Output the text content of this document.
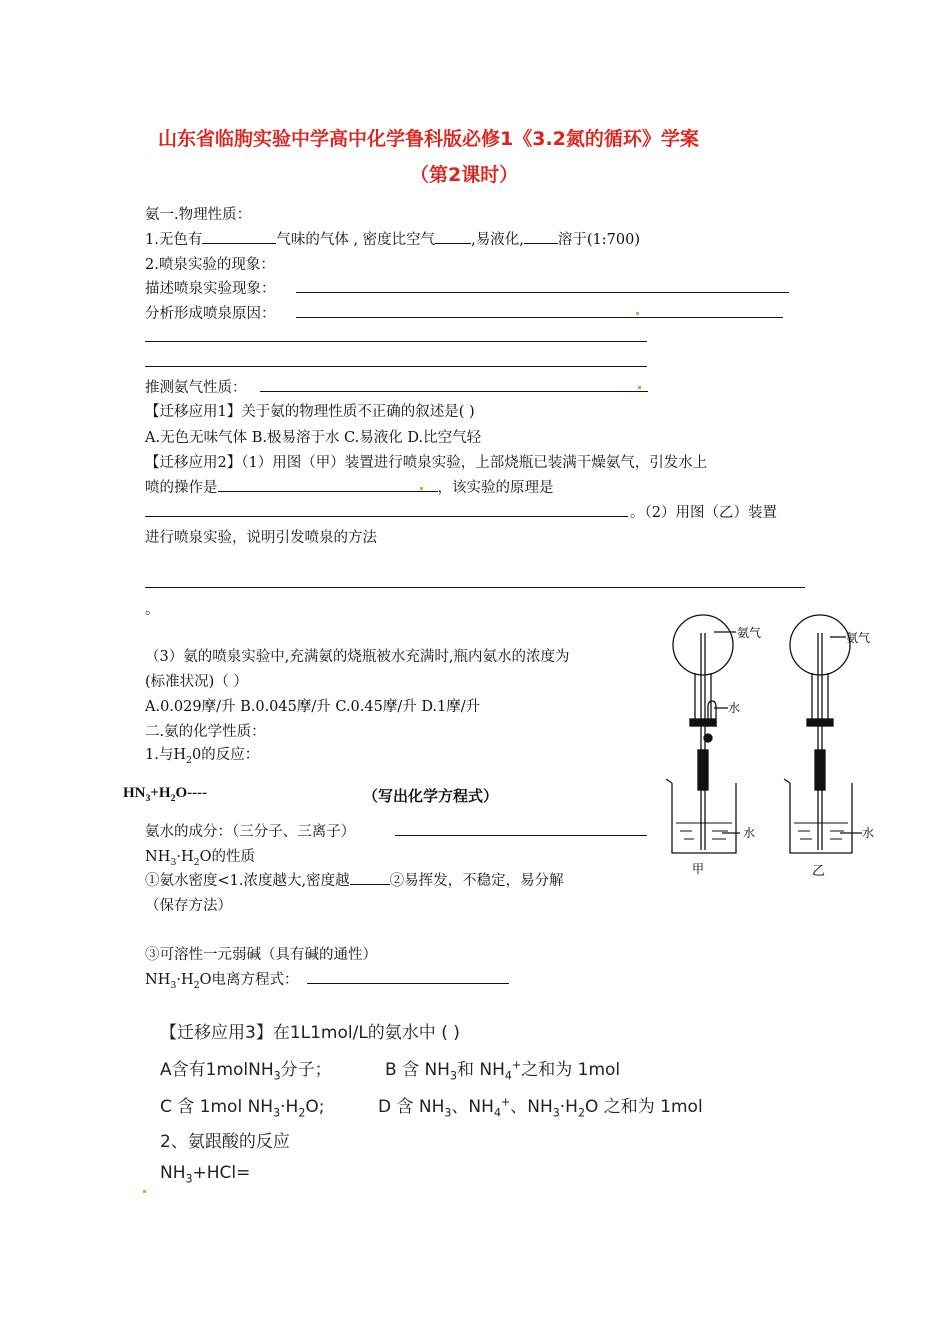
山东省临朐实验中学高中化学鲁科版必修1《3.2氮的循环》学案
（第2课时）
氨一.物理性质：
1.无色有	气味的气体 , 密度比空气 ,易液化, 溶于(1:700)
2.喷泉实验的现象：
描述喷泉实验现象：
分析形成喷泉原因：
推测氨气性质：
【迁移应用1】关于氨的物理性质不正确的叙述是( )
A.无色无味气体 B.极易溶于水 C.易液化 D.比空气轻
【迁移应用2】（1）用图（甲）装置进行喷泉实验，上部烧瓶已装满干燥氨气，引发水上
喷的操作是	，该实验的原理是
。（2）用图（乙）装置
进行喷泉实验，说明引发喷泉的方法
。
（3）氨的喷泉实验中,充满氨的烧瓶被水充满时,瓶内氨水的浓度为
(标准状况)（ ）
A.0.029摩/升 B.0.045摩/升 C.0.45摩/升 D.1摩/升
二.氨的化学性质：
1.与$H_20$的反应：
$HN_3+H_2O----$	（写出化学方程式）
氨水的成分：（三分子、三离子）
$NH_3\cdot H_2O$的性质
①氨水密度<1.浓度越大,密度越	②易挥发，不稳定，易分解
（保存方法）
③可溶性一元弱碱（具有碱的通性）
$NH_3\cdot H_2O$电离方程式：
【迁移应用3】在1L1mol/L的氨水中 ( )
A含有1molNH$_3$分子；	B 含 $NH_3$和 $NH_4^+$之和为 1mol
C 含 1mol $NH_3\cdot H_2O$;	D 含 $NH_3$、$NH_4^+$、$NH_3\cdot H_2O$ 之和为 1mol
2、氨跟酸的反应
$NH_3+HCl=$
氨气	氨气
水
水	水
甲	乙
